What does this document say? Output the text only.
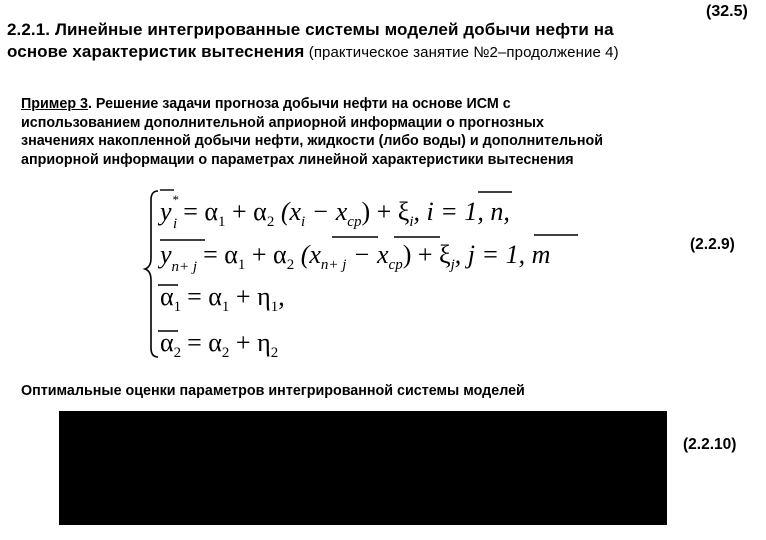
(32.5)
2.2.1. Линейные интегрированные системы моделей добычи нефти на
основе характеристик вытеснения (практическое занятие №2–продолжение 4)
Пример 3. Решение задачи прогноза добычи нефти на основе ИСМ с
использованием дополнительной априорной информации о прогнозных
значениях накопленной добычи нефти, жидкости (либо воды) и дополнительной
априорной информации о параметрах линейной характеристики вытеснения
y* $i = \alpha_1 + \alpha_2$ $(x_i - x_{ср}) + \xi_i$, i = 1, n,
$y_{n+ j} = \alpha_1 + \alpha_2$ $(x_{n+ j} - x_{ср}) + \xi_j$, j = 1, m
$\alpha_1 = \alpha_1 + \eta_1$,
$\alpha_2 = \alpha_2 + \eta_2$
(2.2.9)
Оптимальные оценки параметров интегрированной системы моделей
(2.2.10)
